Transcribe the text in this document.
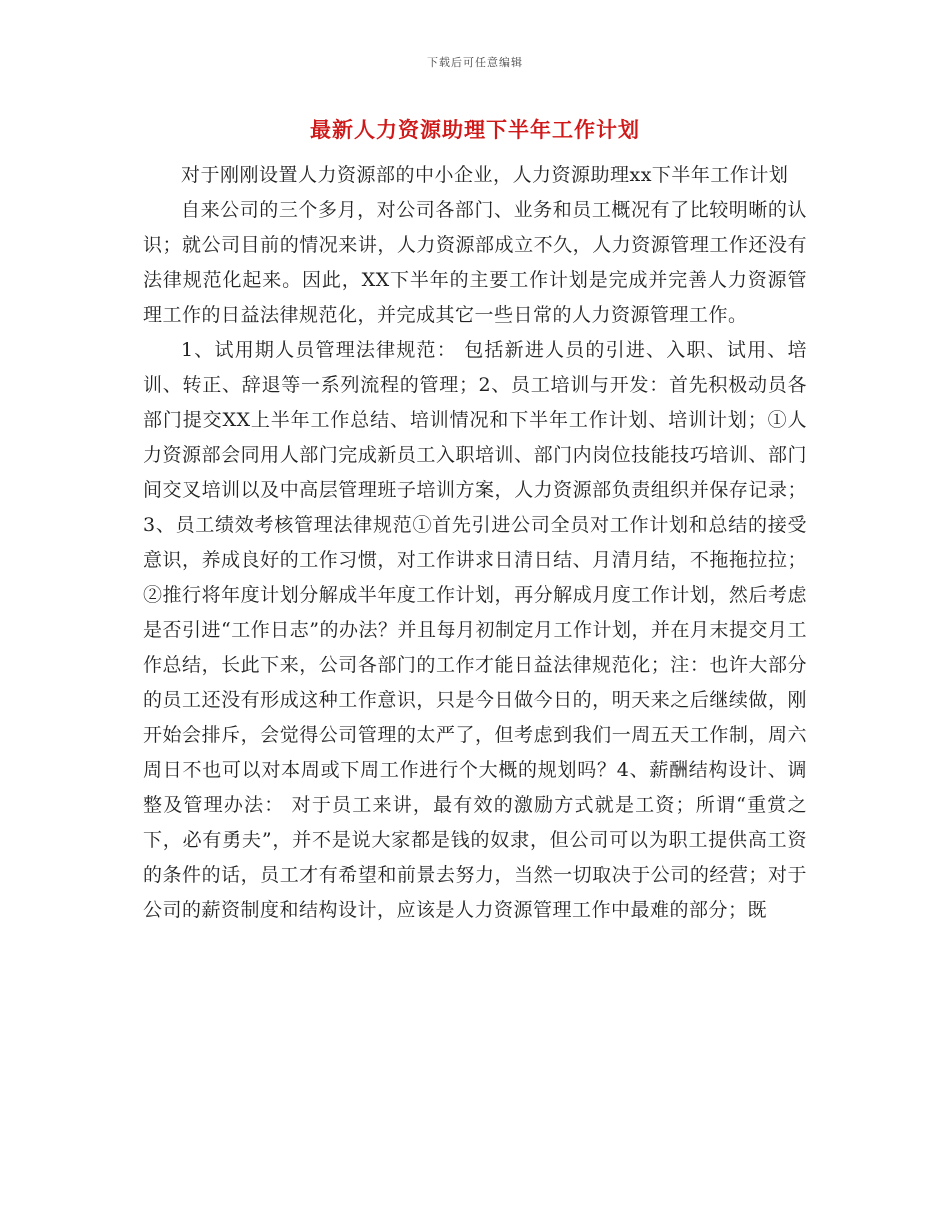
下载后可任意编辑
最新人力资源助理下半年工作计划

对于刚刚设置人力资源部的中小企业，人力资源助理xx下半年工作计划

自来公司的三个多月，对公司各部门、业务和员工概况有了比较明晰的认识；就公司目前的情况来讲，人力资源部成立不久，人力资源管理工作还没有法律规范化起来。因此，XX下半年的主要工作计划是完成并完善人力资源管理工作的日益法律规范化，并完成其它一些日常的人力资源管理工作。

1、试用期人员管理法律规范： 包括新进人员的引进、入职、试用、培训、转正、辞退等一系列流程的管理；2、员工培训与开发：首先积极动员各部门提交XX上半年工作总结、培训情况和下半年工作计划、培训计划；①人力资源部会同用人部门完成新员工入职培训、部门内岗位技能技巧培训、部门间交叉培训以及中高层管理班子培训方案，人力资源部负责组织并保存记录；3、员工绩效考核管理法律规范①首先引进公司全员对工作计划和总结的接受意识，养成良好的工作习惯，对工作讲求日清日结、月清月结，不拖拖拉拉；②推行将年度计划分解成半年度工作计划，再分解成月度工作计划，然后考虑是否引进“工作日志”的办法？并且每月初制定月工作计划，并在月末提交月工作总结，长此下来，公司各部门的工作才能日益法律规范化；注：也许大部分的员工还没有形成这种工作意识，只是今日做今日的，明天来之后继续做，刚开始会排斥，会觉得公司管理的太严了，但考虑到我们一周五天工作制，周六周日不也可以对本周或下周工作进行个大概的规划吗？4、薪酬结构设计、调整及管理办法： 对于员工来讲，最有效的激励方式就是工资；所谓“重赏之下，必有勇夫”，并不是说大家都是钱的奴隶，但公司可以为职工提供高工资的条件的话，员工才有希望和前景去努力，当然一切取决于公司的经营；对于公司的薪资制度和结构设计，应该是人力资源管理工作中最难的部分；既
